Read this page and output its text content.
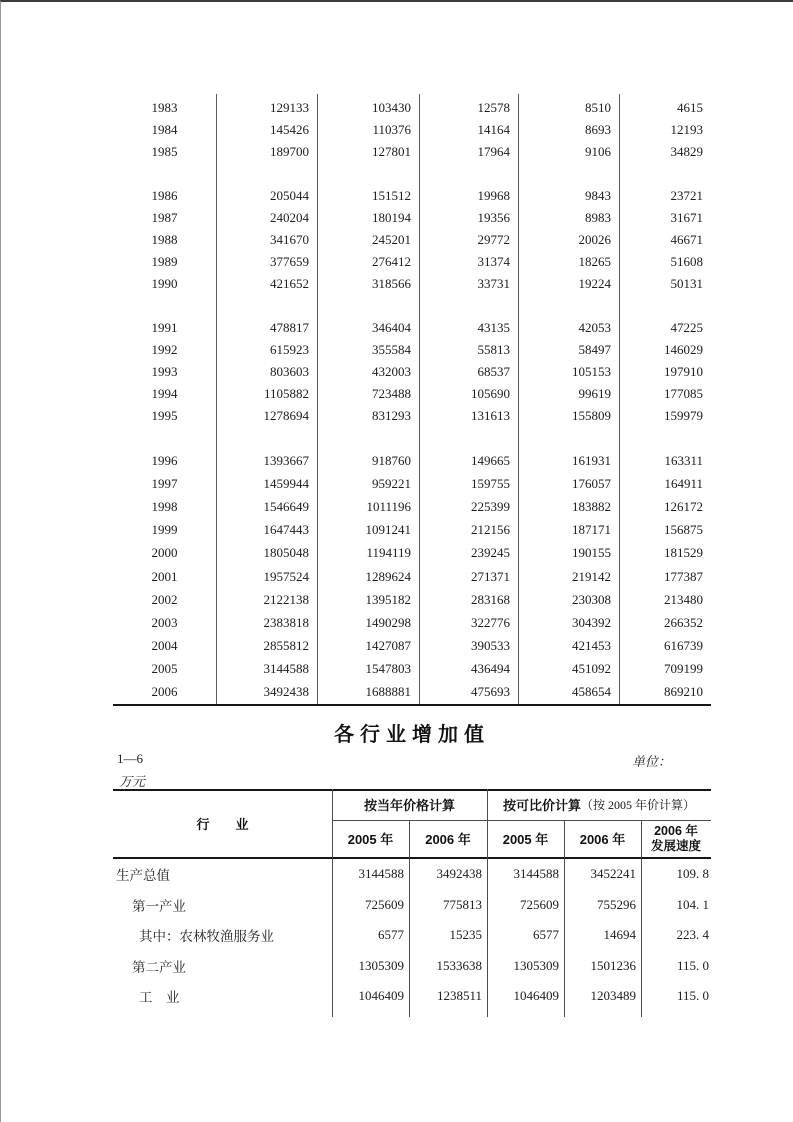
1983	129133	103430	12578	8510	4615
1984	145426	110376	14164	8693	12193
1985	189700	127801	17964	9106	34829
1986	205044	151512	19968	9843	23721
1987	240204	180194	19356	8983	31671
1988	341670	245201	29772	20026	46671
1989	377659	276412	31374	18265	51608
1990	421652	318566	33731	19224	50131
1991	478817	346404	43135	42053	47225
1992	615923	355584	55813	58497	146029
1993	803603	432003	68537	105153	197910
1994	1105882	723488	105690	99619	177085
1995	1278694	831293	131613	155809	159979
1996	1393667	918760	149665	161931	163311
1997	1459944	959221	159755	176057	164911
1998	1546649	1011196	225399	183882	126172
1999	1647443	1091241	212156	187171	156875
2000	1805048	1194119	239245	190155	181529
2001	1957524	1289624	271371	219142	177387
2002	2122138	1395182	283168	230308	213480
2003	2383818	1490298	322776	304392	266352
2004	2855812	1427087	390533	421453	616739
2005	3144588	1547803	436494	451092	709199
2006	3492438	1688881	475693	458654	869210
各行业增加值
1—6	单位：
万元
行　　业
按当年价格计算	按可比价计算 （按 2005 年价计算）
2005 年	2006 年	2005 年	2006 年
2006 年
发展速度
生产总值	3144588	3492438	3144588	3452241	109. 8
第一产业	725609	775813	725609	755296	104. 1
其中：农林牧渔服务业	6577	15235	6577	14694	223. 4
第二产业	1305309	1533638	1305309	1501236	115. 0
工　业	1046409	1238511	1046409	1203489	115. 0
